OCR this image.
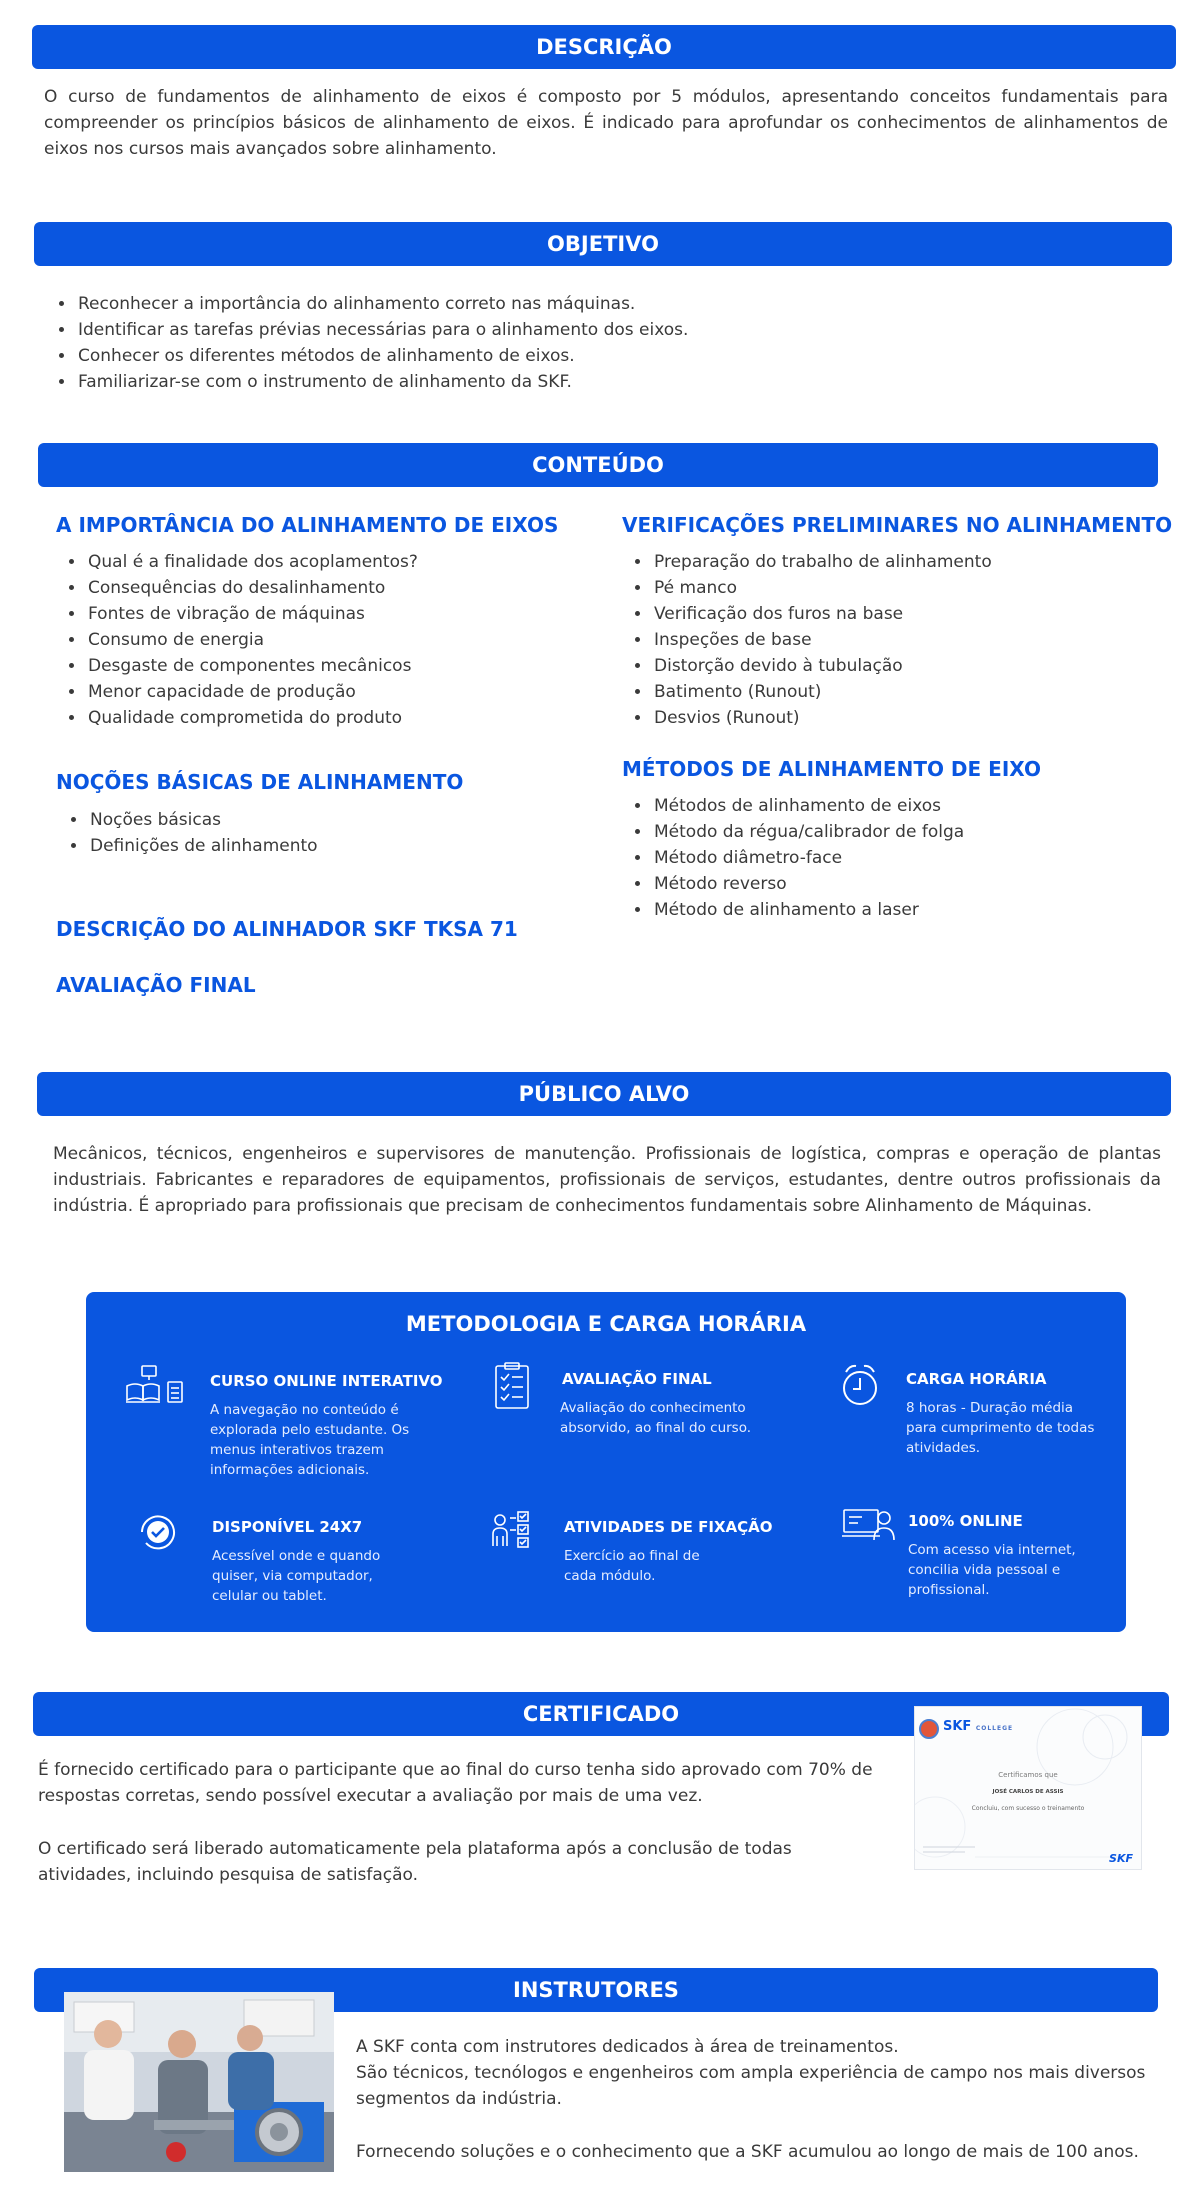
DESCRIÇÃO

O curso de fundamentos de alinhamento de eixos é composto por 5 módulos, apresentando conceitos fundamentais para compreender os princípios básicos de alinhamento de eixos. É indicado para aprofundar os conhecimentos de alinhamentos de eixos nos cursos mais avançados sobre alinhamento.

OBJETIVO
• Reconhecer a importância do alinhamento correto nas máquinas.
• Identificar as tarefas prévias necessárias para o alinhamento dos eixos.
• Conhecer os diferentes métodos de alinhamento de eixos.
• Familiarizar-se com o instrumento de alinhamento da SKF.
CONTEÚDO
A IMPORTÂNCIA DO ALINHAMENTO DE EIXOS
• Qual é a finalidade dos acoplamentos?
• Consequências do desalinhamento
• Fontes de vibração de máquinas
• Consumo de energia
• Desgaste de componentes mecânicos
• Menor capacidade de produção
• Qualidade comprometida do produto
NOÇÕES BÁSICAS DE ALINHAMENTO
• Noções básicas
• Definições de alinhamento
DESCRIÇÃO DO ALINHADOR SKF TKSA 71
AVALIAÇÃO FINAL
VERIFICAÇÕES PRELIMINARES NO ALINHAMENTO
• Preparação do trabalho de alinhamento
• Pé manco
• Verificação dos furos na base
• Inspeções de base
• Distorção devido à tubulação
• Batimento (Runout)
• Desvios (Runout)
MÉTODOS DE ALINHAMENTO DE EIXO
• Métodos de alinhamento de eixos
• Método da régua/calibrador de folga
• Método diâmetro-face
• Método reverso
• Método de alinhamento a laser
PÚBLICO ALVO

Mecânicos, técnicos, engenheiros e supervisores de manutenção. Profissionais de logística, compras e operação de plantas industriais. Fabricantes e reparadores de equipamentos, profissionais de serviços, estudantes, dentre outros profissionais da indústria. É apropriado para profissionais que precisam de conhecimentos fundamentais sobre Alinhamento de Máquinas.

METODOLOGIA E CARGA HORÁRIA
CURSO ONLINE INTERATIVO
A navegação no conteúdo é explorada pelo estudante. Os menus interativos trazem informações adicionais.
AVALIAÇÃO FINAL
Avaliação do conhecimento absorvido, ao final do curso.
CARGA HORÁRIA
8 horas - Duração média para cumprimento de todas atividades.
DISPONÍVEL 24X7
Acessível onde e quando quiser, via computador, celular ou tablet.
ATIVIDADES DE FIXAÇÃO
Exercício ao final de cada módulo.
100% ONLINE
Com acesso via internet, concilia vida pessoal e profissional.
CERTIFICADO

É fornecido certificado para o participante que ao final do curso tenha sido aprovado com 70% de respostas corretas, sendo possível executar a avaliação por mais de uma vez.

O certificado será liberado automaticamente pela plataforma após a conclusão de todas atividades, incluindo pesquisa de satisfação.

SKF COLLEGE
Certificamos que
JOSÉ CARLOS DE ASSIS
Concluiu, com sucesso o treinamento
SKF
INSTRUTORES

A SKF conta com instrutores dedicados à área de treinamentos.

São técnicos, tecnólogos e engenheiros com ampla experiência de campo nos mais diversos segmentos da indústria.

Fornecendo soluções e o conhecimento que a SKF acumulou ao longo de mais de 100 anos.
